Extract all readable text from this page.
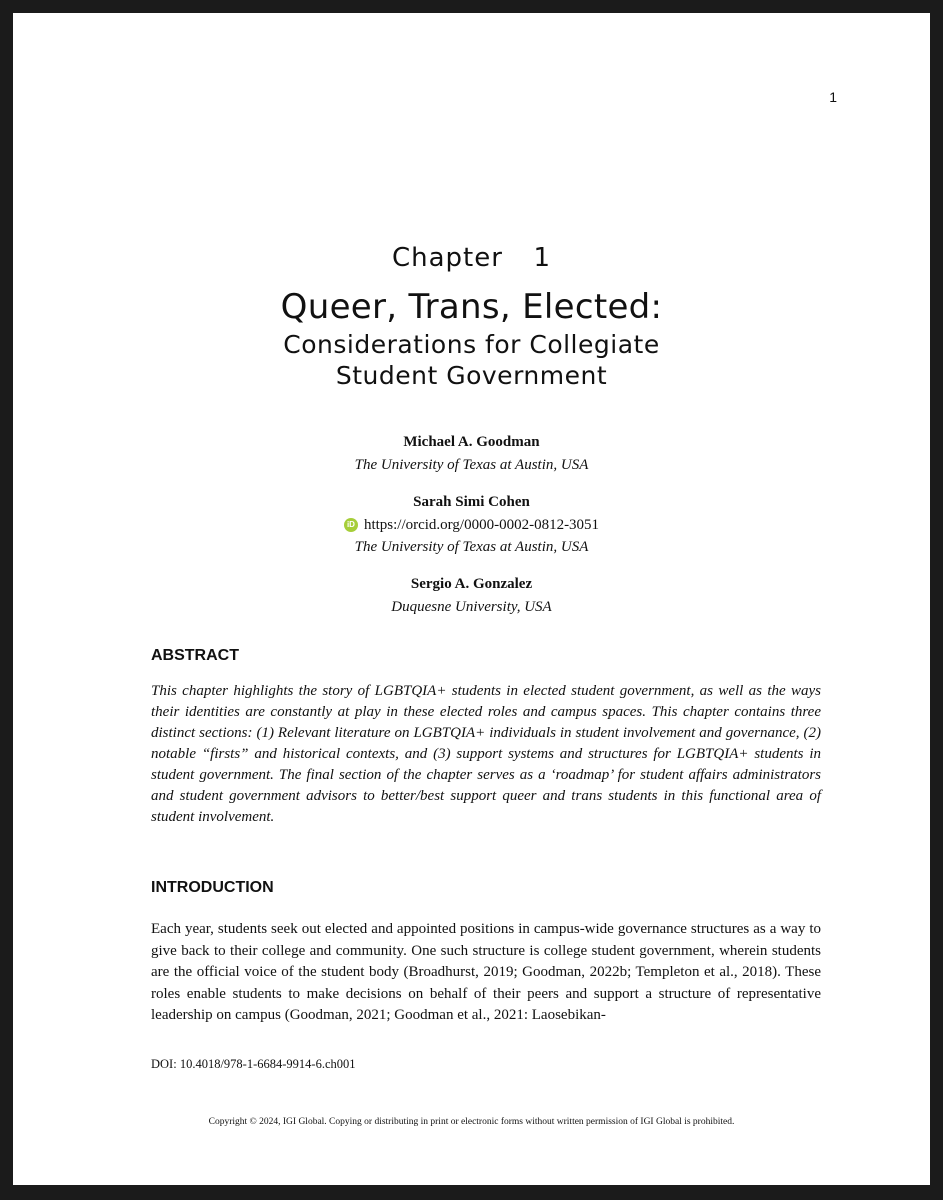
1
Chapter  1
Queer, Trans, Elected:
Considerations for Collegiate
Student Government
Michael A. Goodman
The University of Texas at Austin, USA
Sarah Simi Cohen
iD https://orcid.org/0000-0002-0812-3051
The University of Texas at Austin, USA
Sergio A. Gonzalez
Duquesne University, USA
ABSTRACT
This chapter highlights the story of LGBTQIA+ students in elected student government, as well as the ways their identities are constantly at play in these elected roles and campus spaces. This chapter contains three distinct sections: (1) Relevant literature on LGBTQIA+ individuals in student involvement and governance, (2) notable “firsts” and historical contexts, and (3) support systems and structures for LGBTQIA+ students in student government. The final section of the chapter serves as a ‘roadmap’ for student affairs administrators and student government advisors to better/best support queer and trans students in this functional area of student involvement.
INTRODUCTION
Each year, students seek out elected and appointed positions in campus-wide governance structures as a way to give back to their college and community. One such structure is college student government, wherein students are the official voice of the student body (Broadhurst, 2019; Goodman, 2022b; Templeton et al., 2018). These roles enable students to make decisions on behalf of their peers and support a structure of representative leadership on campus (Goodman, 2021; Goodman et al., 2021: Laosebikan-
DOI: 10.4018/978-1-6684-9914-6.ch001
Copyright © 2024, IGI Global. Copying or distributing in print or electronic forms without written permission of IGI Global is prohibited.
